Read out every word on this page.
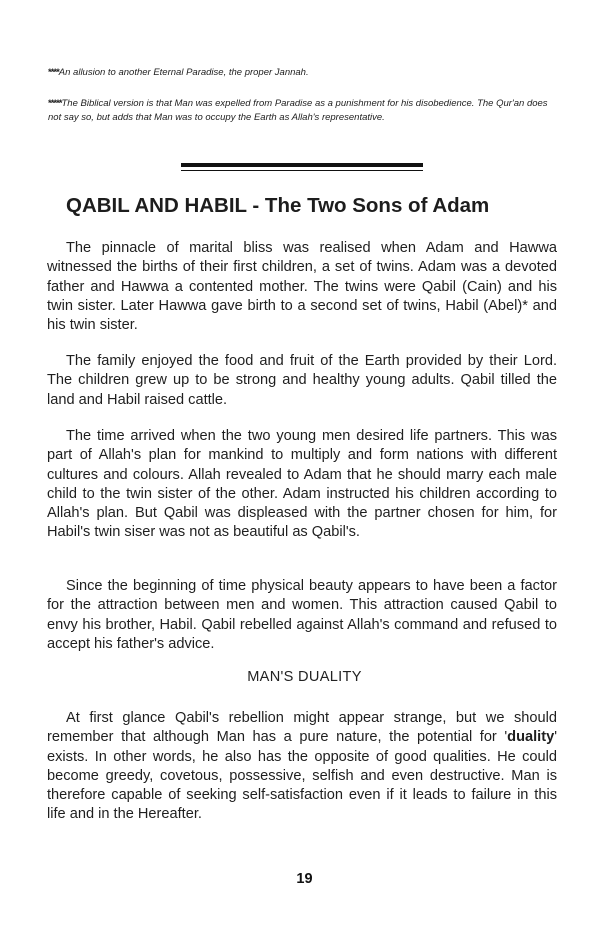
****An allusion to another Eternal Paradise, the proper Jannah.
*****The Biblical version is that Man was expelled from Paradise as a punishment for his disobedience. The Qur'an does not say so, but adds that Man was to occupy the Earth as Allah's representative.
QABIL AND HABIL - The Two Sons of Adam

The pinnacle of marital bliss was realised when Adam and Hawwa witnessed the births of their first children, a set of twins. Adam was a devoted father and Hawwa a contented mother. The twins were Qabil (Cain) and his twin sister. Later Hawwa gave birth to a second set of twins, Habil (Abel)* and his twin sister.

The family enjoyed the food and fruit of the Earth provided by their Lord. The children grew up to be strong and healthy young adults. Qabil tilled the land and Habil raised cattle.

The time arrived when the two young men desired life partners. This was part of Allah's plan for mankind to multiply and form nations with different cultures and colours. Allah revealed to Adam that he should marry each male child to the twin sister of the other. Adam instructed his children according to Allah's plan. But Qabil was displeased with the partner chosen for him, for Habil's twin siser was not as beautiful as Qabil's.

Since the beginning of time physical beauty appears to have been a factor for the attraction between men and women. This attraction caused Qabil to envy his brother, Habil. Qabil rebelled against Allah's command and refused to accept his father's advice.

MAN'S DUALITY

At first glance Qabil's rebellion might appear strange, but we should remember that although Man has a pure nature, the potential for 'duality' exists. In other words, he also has the opposite of good qualities. He could become greedy, covetous, possessive, selfish and even destructive. Man is therefore capable of seeking self-satisfaction even if it leads to failure in this life and in the Hereafter.

19
